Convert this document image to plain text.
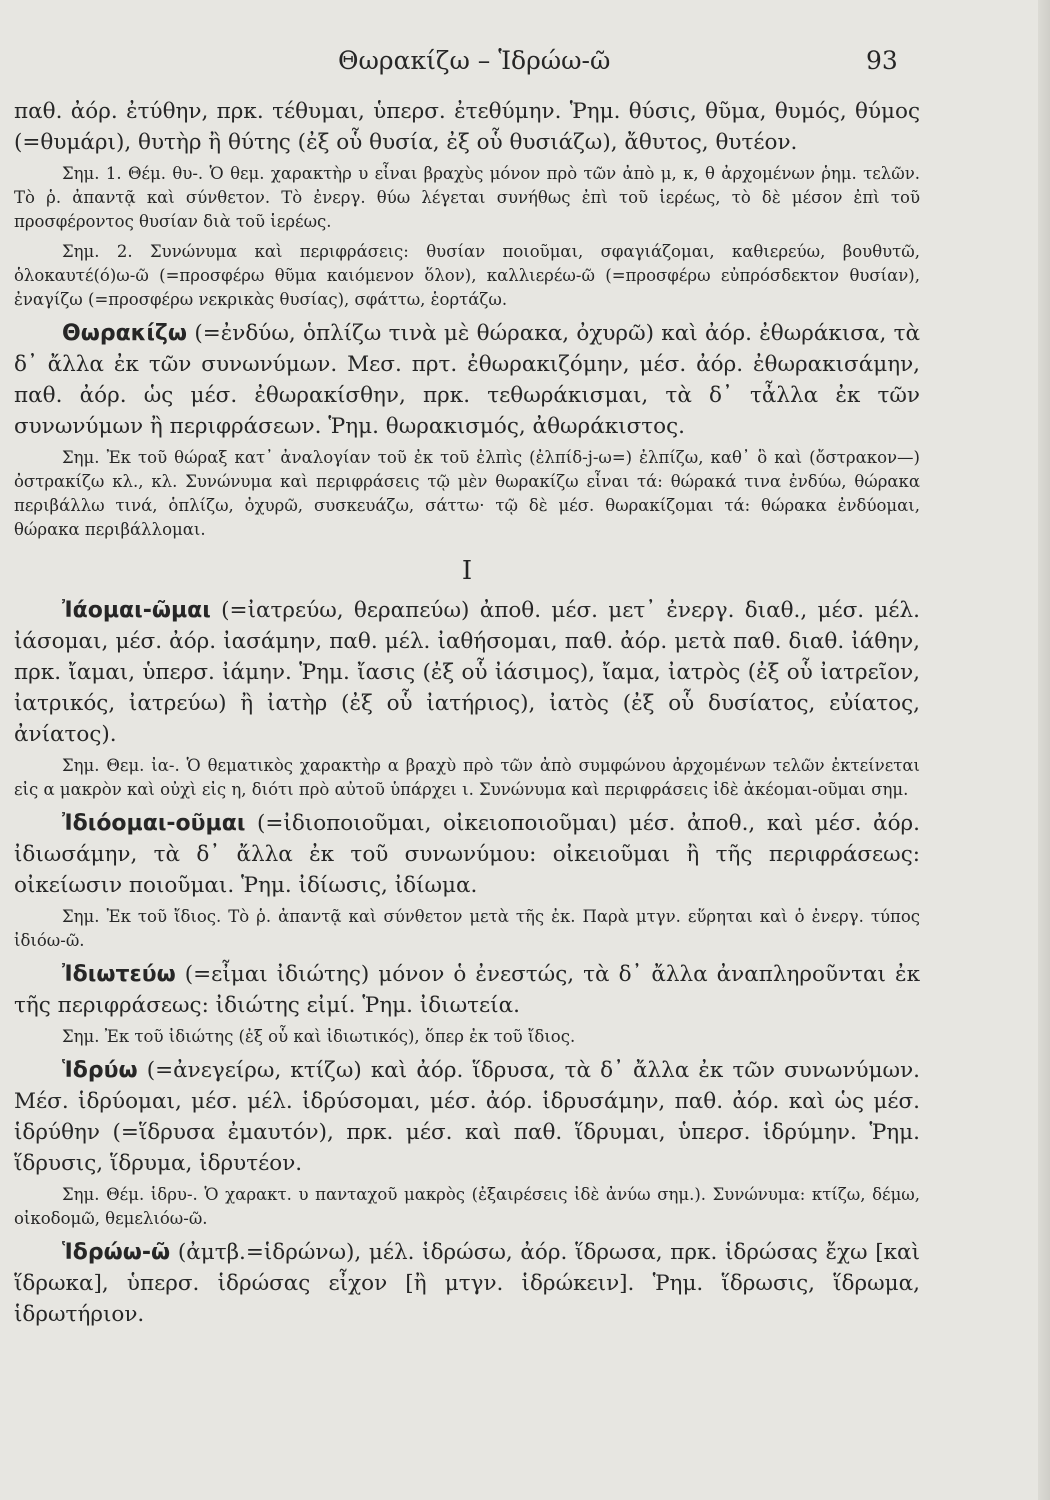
Θωρακίζω – Ἱδρώω-ῶ	93

παθ. ἀόρ. ἐτύθην, πρκ. τέθυμαι, ὑπερσ. ἐτεθύμην. Ῥημ. θύσις, θῦμα, θυμός, θύμος (=θυμάρι), θυτὴρ ἢ θύτης (ἐξ οὗ θυσία, ἐξ οὗ θυσιάζω), ἄθυτος, θυτέον.

Σημ. 1. Θέμ. θυ-. Ὁ θεμ. χαρακτὴρ υ εἶναι βραχὺς μόνον πρὸ τῶν ἀπὸ μ, κ, θ ἀρχομένων ῥημ. τελῶν. Τὸ ῥ. ἀπαντᾷ καὶ σύνθετον. Τὸ ἐνεργ. θύω λέγεται συνήθως ἐπὶ τοῦ ἱερέως, τὸ δὲ μέσον ἐπὶ τοῦ προσφέροντος θυσίαν διὰ τοῦ ἱερέως.

Σημ. 2. Συνώνυμα καὶ περιφράσεις: θυσίαν ποιοῦμαι, σφαγιάζομαι, καθιερεύω, βουθυτῶ, ὁλοκαυτέ(ό)ω-ῶ (=προσφέρω θῦμα καιόμενον ὅλον), καλλιερέω-ῶ (=προσφέρω εὐπρόσδεκτον θυσίαν), ἐναγίζω (=προσφέρω νεκρικὰς θυσίας), σφάττω, ἑορτάζω.

Θωρακίζω (=ἐνδύω, ὁπλίζω τινὰ μὲ θώρακα, ὀχυρῶ) καὶ ἀόρ. ἐθωράκισα, τὰ δ᾿ ἄλλα ἐκ τῶν συνωνύμων. Μεσ. πρτ. ἐθωρακιζόμην, μέσ. ἀόρ. ἐθωρακισάμην, παθ. ἀόρ. ὡς μέσ. ἐθωρακίσθην, πρκ. τεθωράκισμαι, τὰ δ᾿ τἆλλα ἐκ τῶν συνωνύμων ἢ περιφράσεων. Ῥημ. θωρακισμός, ἀθωράκιστος.

Σημ. Ἐκ τοῦ θώραξ κατ᾿ ἀναλογίαν τοῦ ἐκ τοῦ ἐλπὶς (ἐλπίδ-j-ω=) ἐλπίζω, καθ᾿ ὃ καὶ (ὄστρακον—) ὀστρακίζω κλ., κλ. Συνώνυμα καὶ περιφράσεις τῷ μὲν θωρακίζω εἶναι τά: θώρακά τινα ἐνδύω, θώρακα περιβάλλω τινά, ὁπλίζω, ὀχυρῶ, συσκευάζω, σάττω· τῷ δὲ μέσ. θωρακίζομαι τά: θώρακα ἐνδύομαι, θώρακα περιβάλλομαι.

I

Ἰάομαι-ῶμαι (=ἰατρεύω, θεραπεύω) ἀποθ. μέσ. μετ᾿ ἐνεργ. διαθ., μέσ. μέλ. ἰάσομαι, μέσ. ἀόρ. ἰασάμην, παθ. μέλ. ἰαθήσομαι, παθ. ἀόρ. μετὰ παθ. διαθ. ἰάθην, πρκ. ἴαμαι, ὑπερσ. ἰάμην. Ῥημ. ἴασις (ἐξ οὗ ἰάσιμος), ἴαμα, ἰατρὸς (ἐξ οὗ ἰατρεῖον, ἰατρικός, ἰατρεύω) ἢ ἰατὴρ (ἐξ οὗ ἰατήριος), ἰατὸς (ἐξ οὗ δυσίατος, εὐίατος, ἀνίατος).

Σημ. Θεμ. ἰα-. Ὁ θεματικὸς χαρακτὴρ α βραχὺ πρὸ τῶν ἀπὸ συμφώνου ἀρχομένων τελῶν ἐκτείνεται εἰς α μακρὸν καὶ οὐχὶ εἰς η, διότι πρὸ αὐτοῦ ὑπάρχει ι. Συνώνυμα καὶ περιφράσεις ἰδὲ ἀκέομαι-οῦμαι σημ.

Ἰδιόομαι-οῦμαι (=ἰδιοποιοῦμαι, οἰκειοποιοῦμαι) μέσ. ἀποθ., καὶ μέσ. ἀόρ. ἰδιωσάμην, τὰ δ᾿ ἄλλα ἐκ τοῦ συνωνύμου: οἰκειοῦμαι ἢ τῆς περιφράσεως: οἰκείωσιν ποιοῦμαι. Ῥημ. ἰδίωσις, ἰδίωμα.

Σημ. Ἐκ τοῦ ἴδιος. Τὸ ῥ. ἀπαντᾷ καὶ σύνθετον μετὰ τῆς ἐκ. Παρὰ μτγν. εὕρηται καὶ ὁ ἐνεργ. τύπος ἰδιόω-ῶ.

Ἰδιωτεύω (=εἶμαι ἰδιώτης) μόνον ὁ ἐνεστώς, τὰ δ᾿ ἄλλα ἀναπληροῦνται ἐκ τῆς περιφράσεως: ἰδιώτης εἰμί. Ῥημ. ἰδιωτεία.

Σημ. Ἐκ τοῦ ἰδιώτης (ἐξ οὗ καὶ ἰδιωτικός), ὅπερ ἐκ τοῦ ἴδιος.

Ἱδρύω (=ἀνεγείρω, κτίζω) καὶ ἀόρ. ἵδρυσα, τὰ δ᾿ ἄλλα ἐκ τῶν συνωνύμων. Μέσ. ἱδρύομαι, μέσ. μέλ. ἱδρύσομαι, μέσ. ἀόρ. ἱδρυσάμην, παθ. ἀόρ. καὶ ὡς μέσ. ἱδρύθην (=ἵδρυσα ἐμαυτόν), πρκ. μέσ. καὶ παθ. ἵδρυμαι, ὑπερσ. ἱδρύμην. Ῥημ. ἵδρυσις, ἵδρυμα, ἱδρυτέον.

Σημ. Θέμ. ἱδρυ-. Ὁ χαρακτ. υ πανταχοῦ μακρὸς (ἐξαιρέσεις ἰδὲ ἀνύω σημ.). Συνώνυμα: κτίζω, δέμω, οἰκοδομῶ, θεμελιόω-ῶ.

Ἱδρώω-ῶ (ἀμτβ.=ἱδρώνω), μέλ. ἱδρώσω, ἀόρ. ἵδρωσα, πρκ. ἱδρώσας ἔχω [καὶ ἵδρωκα], ὑπερσ. ἱδρώσας εἶχον [ἢ μτγν. ἱδρώκειν]. Ῥημ. ἵδρωσις, ἵδρωμα, ἱδρωτήριον.
